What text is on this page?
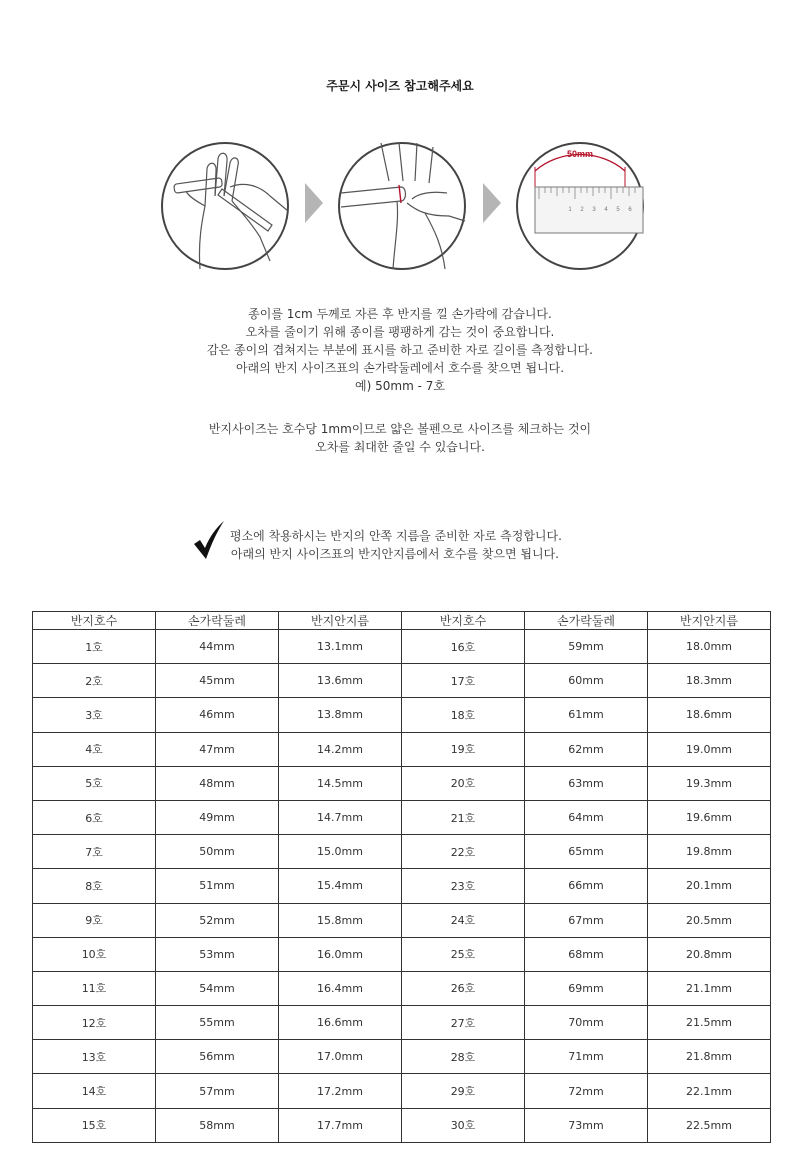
주문시 사이즈 참고해주세요
50mm
1 2 3 4 5 6
종이를 1cm 두께로 자른 후 반지를 낄 손가락에 감습니다.
오차를 줄이기 위해 종이를 팽팽하게 감는 것이 중요합니다.
감은 종이의 겹쳐지는 부분에 표시를 하고 준비한 자로 길이를 측정합니다.
아래의 반지 사이즈표의 손가락둘레에서 호수를 찾으면 됩니다.
예) 50mm - 7호
반지사이즈는 호수당 1mm이므로 얇은 볼펜으로 사이즈를 체크하는 것이
오차를 최대한 줄일 수 있습니다.
평소에 착용하시는 반지의 안쪽 지름을 준비한 자로 측정합니다.
아래의 반지 사이즈표의 반지안지름에서 호수를 찾으면 됩니다.
반지호수	손가락둘레	반지안지름	반지호수	손가락둘레	반지안지름
1호	44mm	13.1mm	16호	59mm	18.0mm
2호	45mm	13.6mm	17호	60mm	18.3mm
3호	46mm	13.8mm	18호	61mm	18.6mm
4호	47mm	14.2mm	19호	62mm	19.0mm
5호	48mm	14.5mm	20호	63mm	19.3mm
6호	49mm	14.7mm	21호	64mm	19.6mm
7호	50mm	15.0mm	22호	65mm	19.8mm
8호	51mm	15.4mm	23호	66mm	20.1mm
9호	52mm	15.8mm	24호	67mm	20.5mm
10호	53mm	16.0mm	25호	68mm	20.8mm
11호	54mm	16.4mm	26호	69mm	21.1mm
12호	55mm	16.6mm	27호	70mm	21.5mm
13호	56mm	17.0mm	28호	71mm	21.8mm
14호	57mm	17.2mm	29호	72mm	22.1mm
15호	58mm	17.7mm	30호	73mm	22.5mm
